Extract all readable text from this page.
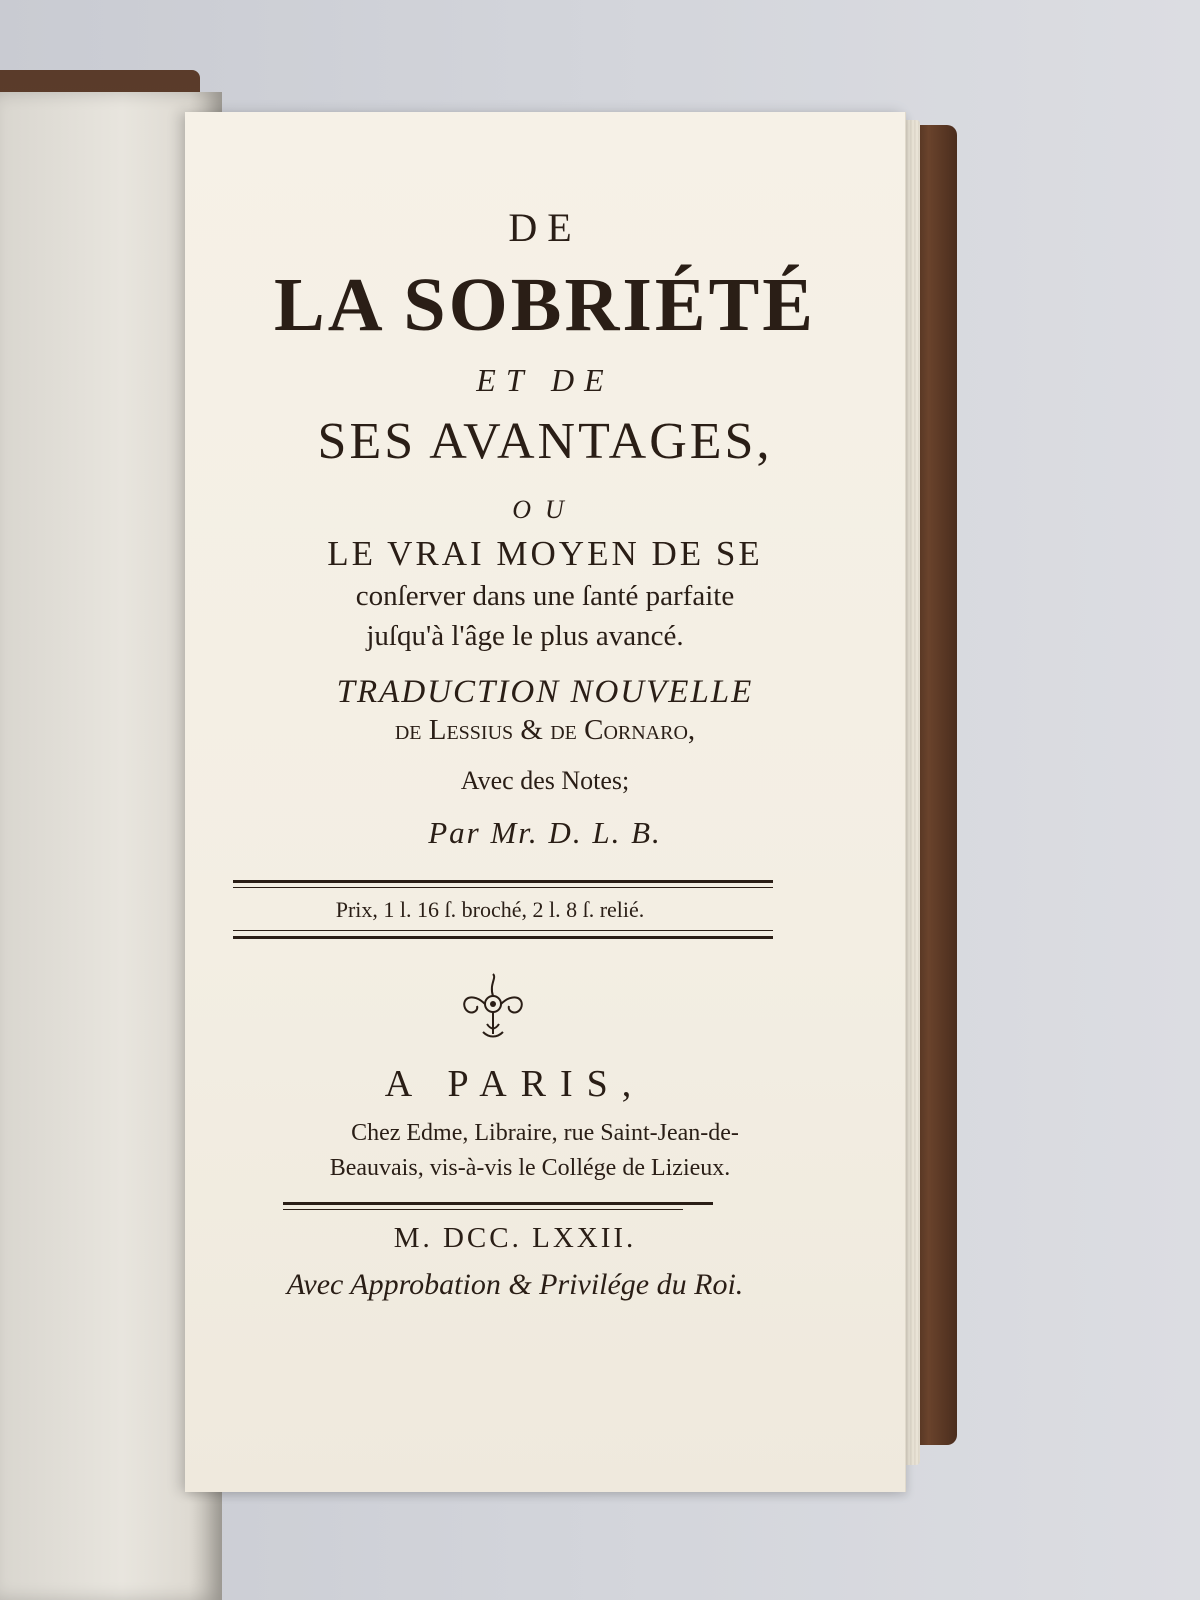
DE
LA SOBRIÉTÉ
ET DE
SES AVANTAGES,
OU
LE VRAI MOYEN DE SE
conſerver dans une ſanté parfaite
juſqu'à l'âge le plus avancé.
TRADUCTION NOUVELLE
de Lessius & de Cornaro,
Avec des Notes;
Par Mr. D. L. B.
Prix, 1 l. 16 ſ. broché, 2 l. 8 ſ. relié.
A PARIS,
Chez Edme, Libraire, rue Saint-Jean-de-
Beauvais, vis-à-vis le Collége de Lizieux.
M. DCC. LXXII.
Avec Approbation & Privilége du Roi.
